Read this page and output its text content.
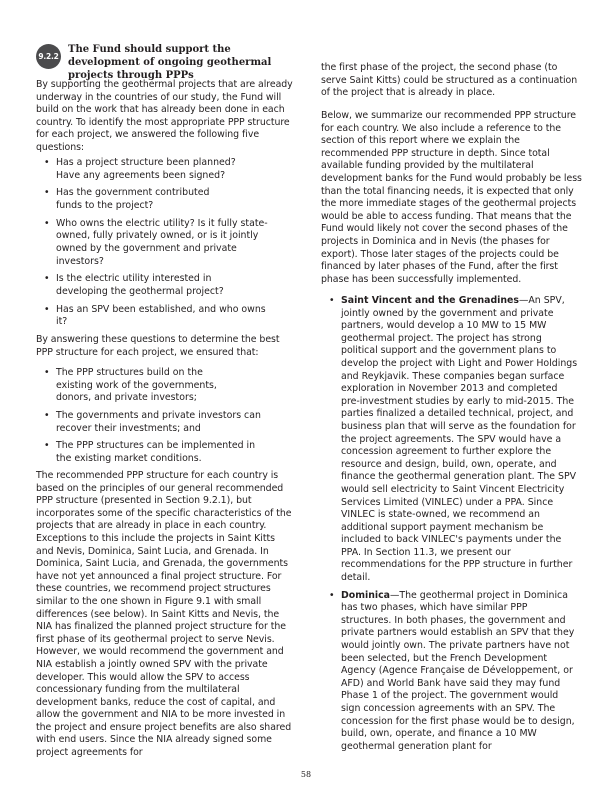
9.2.2
The Fund should support the development of ongoing geothermal projects through PPPs

By supporting the geothermal projects that are already underway in the countries of our study, the Fund will build on the work that has already been done in each country. To identify the most appropriate PPP structure for each project, we answered the following five questions:

• Has a project structure been planned? Have any agreements been signed?
• Has the government contributed funds to the project?
• Who owns the electric utility? Is it fully state-owned, fully privately owned, or is it jointly owned by the government and private investors?
• Is the electric utility interested in developing the geothermal project?
• Has an SPV been established, and who owns it?

By answering these questions to determine the best PPP structure for each project, we ensured that:

• The PPP structures build on the existing work of the governments, donors, and private investors;
• The governments and private investors can recover their investments; and
• The PPP structures can be implemented in the existing market conditions.

The recommended PPP structure for each country is based on the principles of our general recommended PPP structure (presented in Section 9.2.1), but incorporates some of the specific characteristics of the projects that are already in place in each country. Exceptions to this include the projects in Saint Kitts and Nevis, Dominica, Saint Lucia, and Grenada. In Dominica, Saint Lucia, and Grenada, the governments have not yet announced a final project structure. For these countries, we recommend project structures similar to the one shown in Figure 9.1 with small differences (see below). In Saint Kitts and Nevis, the NIA has finalized the planned project structure for the first phase of its geothermal project to serve Nevis. However, we would recommend the government and NIA establish a jointly owned SPV with the private developer. This would allow the SPV to access concessionary funding from the multilateral development banks, reduce the cost of capital, and allow the government and NIA to be more invested in the project and ensure project benefits are also shared with end users. Since the NIA already signed some project agreements for

the first phase of the project, the second phase (to serve Saint Kitts) could be structured as a continuation of the project that is already in place.

Below, we summarize our recommended PPP structure for each country. We also include a reference to the section of this report where we explain the recommended PPP structure in depth. Since total available funding provided by the multilateral development banks for the Fund would probably be less than the total financing needs, it is expected that only the more immediate stages of the geothermal projects would be able to access funding. That means that the Fund would likely not cover the second phases of the projects in Dominica and in Nevis (the phases for export). Those later stages of the projects could be financed by later phases of the Fund, after the first phase has been successfully implemented.

• Saint Vincent and the Grenadines—An SPV, jointly owned by the government and private partners, would develop a 10 MW to 15 MW geothermal project. The project has strong political support and the government plans to develop the project with Light and Power Holdings and Reykjavik. These companies began surface exploration in November 2013 and completed pre-investment studies by early to mid-2015. The parties finalized a detailed technical, project, and business plan that will serve as the foundation for the project agreements. The SPV would have a concession agreement to further explore the resource and design, build, own, operate, and finance the geothermal generation plant. The SPV would sell electricity to Saint Vincent Electricity Services Limited (VINLEC) under a PPA. Since VINLEC is state-owned, we recommend an additional support payment mechanism be included to back VINLEC's payments under the PPA. In Section 11.3, we present our recommendations for the PPP structure in further detail.
• Dominica—The geothermal project in Dominica has two phases, which have similar PPP structures. In both phases, the government and private partners would establish an SPV that they would jointly own. The private partners have not been selected, but the French Development Agency (Agence Française de Développement, or AFD) and World Bank have said they may fund Phase 1 of the project. The government would sign concession agreements with an SPV. The concession for the first phase would be to design, build, own, operate, and finance a 10 MW geothermal generation plant for
58
